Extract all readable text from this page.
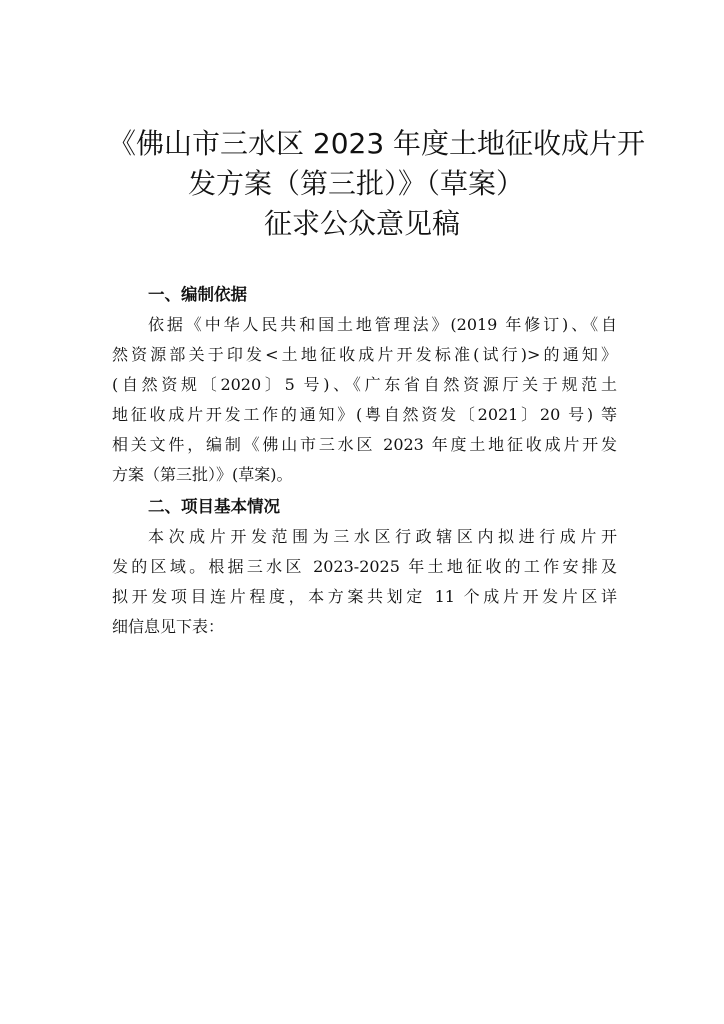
《佛山市三水区 2023 年度土地征收成片开
发方案（第三批）》（草案）
征求公众意见稿
一、编制依据
依据《中华人民共和国土地管理法》(2019 年修订)、《自
然资源部关于印发<土地征收成片开发标准(试行)>的通知》
(自然资规〔2020〕5 号)、《广东省自然资源厅关于规范土
地征收成片开发工作的通知》(粤自然资发〔2021〕20 号) 等
相关文件，编制《佛山市三水区 2023 年度土地征收成片开发
方案（第三批）》(草案)。
二、项目基本情况
本次成片开发范围为三水区行政辖区内拟进行成片开
发的区域。根据三水区 2023-2025 年土地征收的工作安排及
拟开发项目连片程度，本方案共划定 11 个成片开发片区详
细信息见下表：
